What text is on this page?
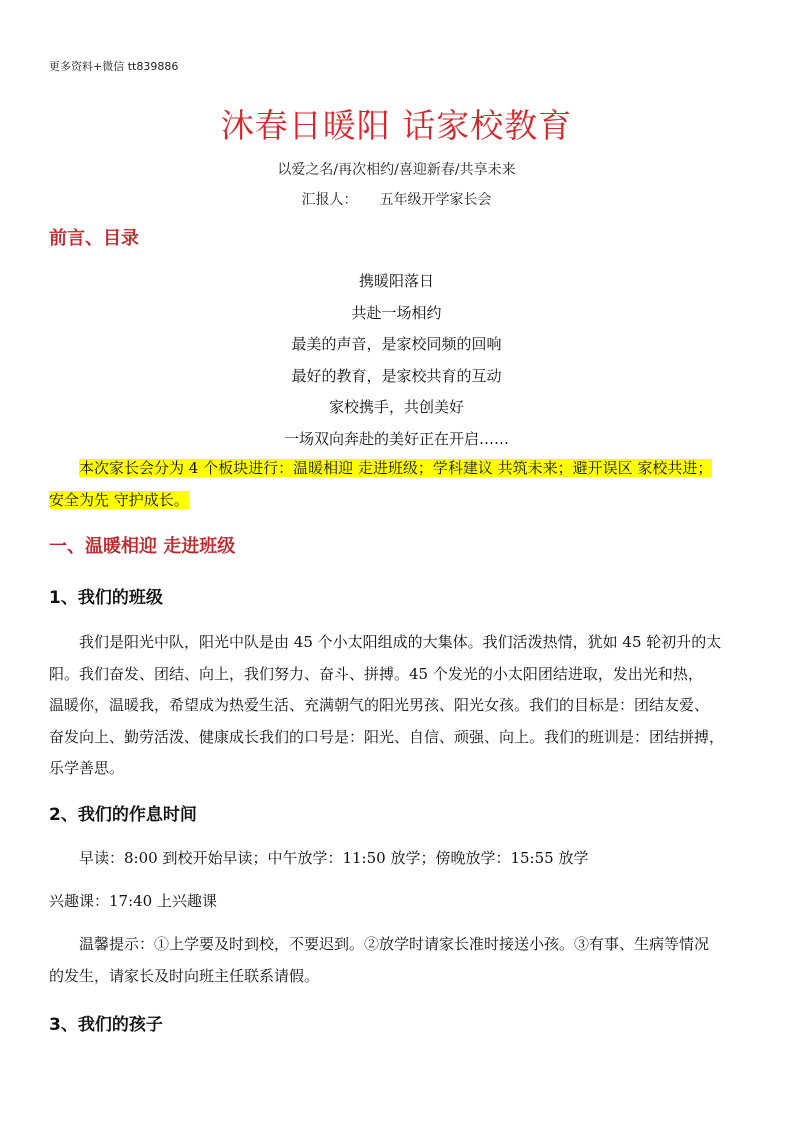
更多资料+微信 tt839886
沐春日暖阳 话家校教育
以爱之名/再次相约/喜迎新春/共享未来
汇报人： 五年级开学家长会
前言、目录
携暖阳落日
共赴一场相约
最美的声音，是家校同频的回响
最好的教育，是家校共育的互动
家校携手，共创美好
一场双向奔赴的美好正在开启……
本次家长会分为 4 个板块进行：温暖相迎 走进班级；学科建议 共筑未来；避开误区 家校共进；
安全为先 守护成长。
一、温暖相迎 走进班级
1、我们的班级
我们是阳光中队，阳光中队是由 45 个小太阳组成的大集体。我们活泼热情，犹如 45 轮初升的太
阳。我们奋发、团结、向上，我们努力、奋斗、拼搏。45 个发光的小太阳团结进取，发出光和热，
温暖你，温暖我，希望成为热爱生活、充满朝气的阳光男孩、阳光女孩。我们的目标是：团结友爱、
奋发向上、勤劳活泼、健康成长我们的口号是：阳光、自信、顽强、向上。我们的班训是：团结拼搏，
乐学善思。
2、我们的作息时间
早读：8:00 到校开始早读；中午放学：11:50 放学；傍晚放学：15:55 放学
兴趣课：17:40 上兴趣课
温馨提示：①上学要及时到校，不要迟到。②放学时请家长准时接送小孩。③有事、生病等情况
的发生，请家长及时向班主任联系请假。
3、我们的孩子
